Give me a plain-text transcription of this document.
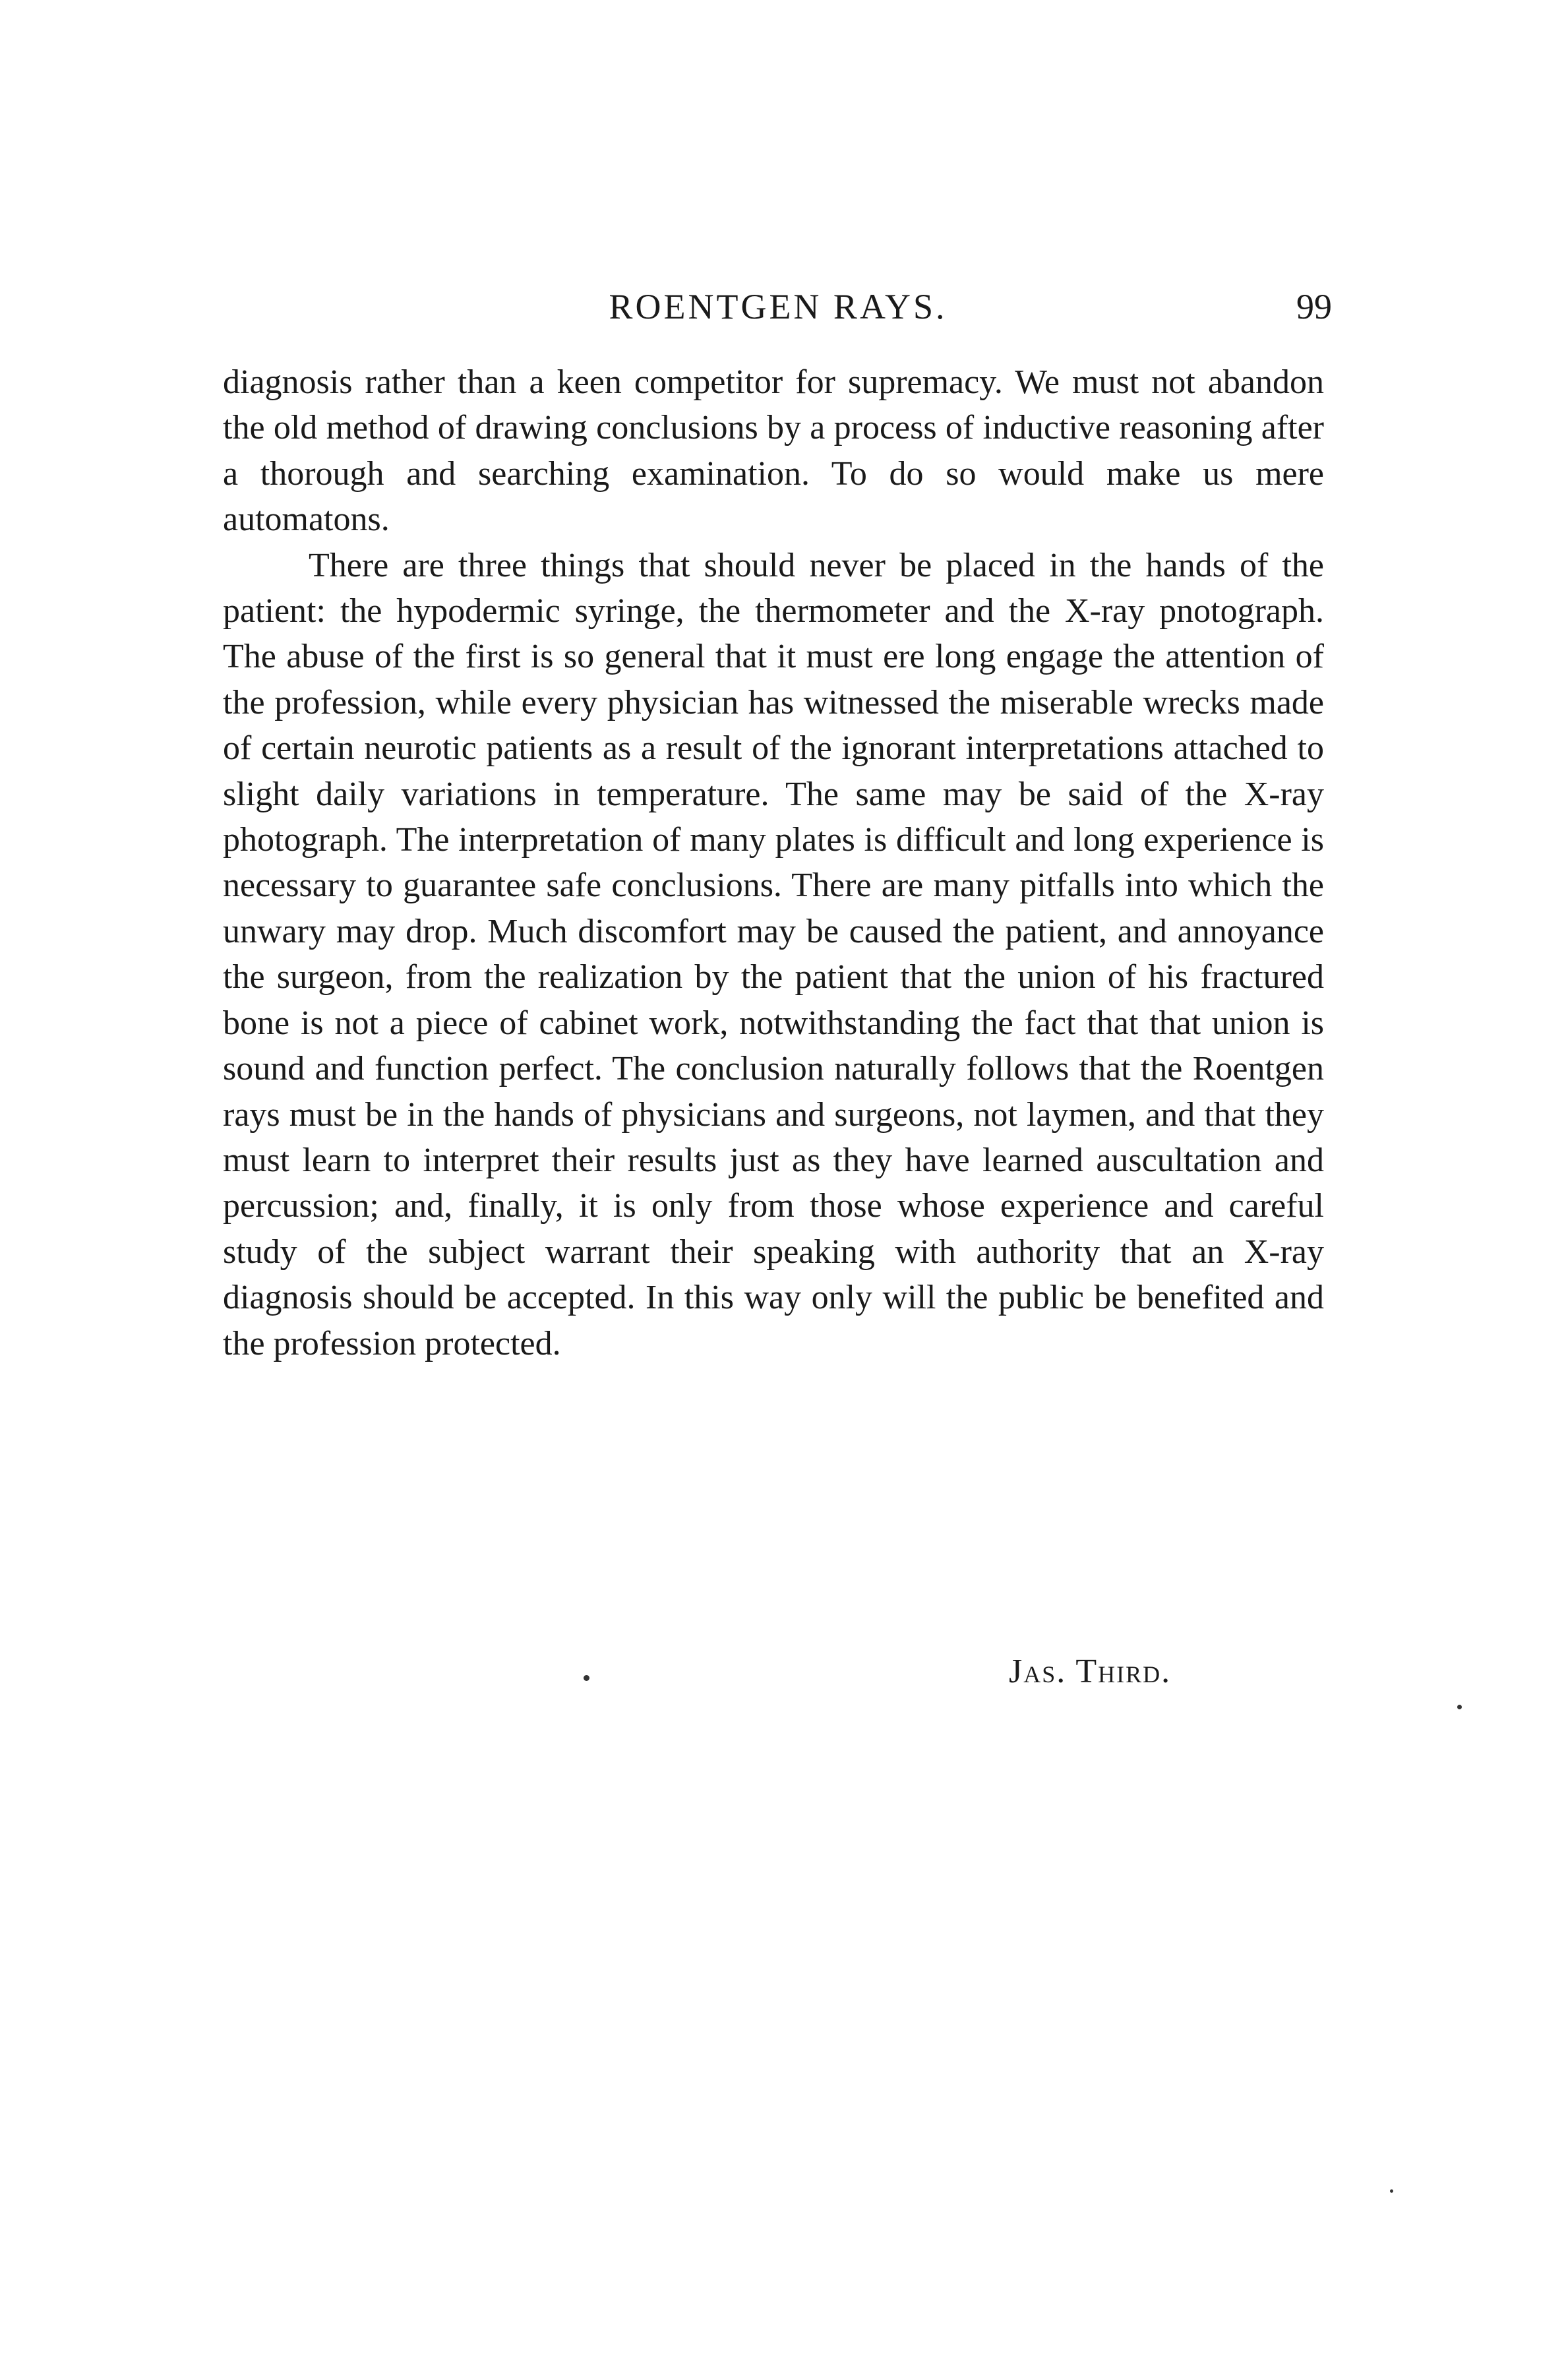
ROENTGEN RAYS.	99

diagnosis rather than a keen competitor for supremacy. We must not abandon the old method of drawing conclusions by a process of inductive reasoning after a thorough and searching examination. To do so would make us mere automatons.

There are three things that should never be placed in the hands of the patient: the hypodermic syringe, the thermometer and the X-ray pnotograph. The abuse of the first is so general that it must ere long engage the attention of the profession, while every physician has witnessed the miserable wrecks made of certain neurotic patients as a result of the ignorant interpretations attached to slight daily variations in temperature. The same may be said of the X-ray photograph. The interpretation of many plates is difficult and long experience is necessary to guarantee safe conclusions. There are many pitfalls into which the unwary may drop. Much discomfort may be caused the patient, and annoyance the surgeon, from the realization by the patient that the union of his fractured bone is not a piece of cabinet work, notwithstanding the fact that that union is sound and function perfect. The conclusion naturally follows that the Roentgen rays must be in the hands of physicians and surgeons, not laymen, and that they must learn to interpret their results just as they have learned auscultation and percussion; and, finally, it is only from those whose experience and careful study of the subject warrant their speaking with authority that an X-ray diagnosis should be accepted. In this way only will the public be benefited and the profession protected.

Jas. Third.
